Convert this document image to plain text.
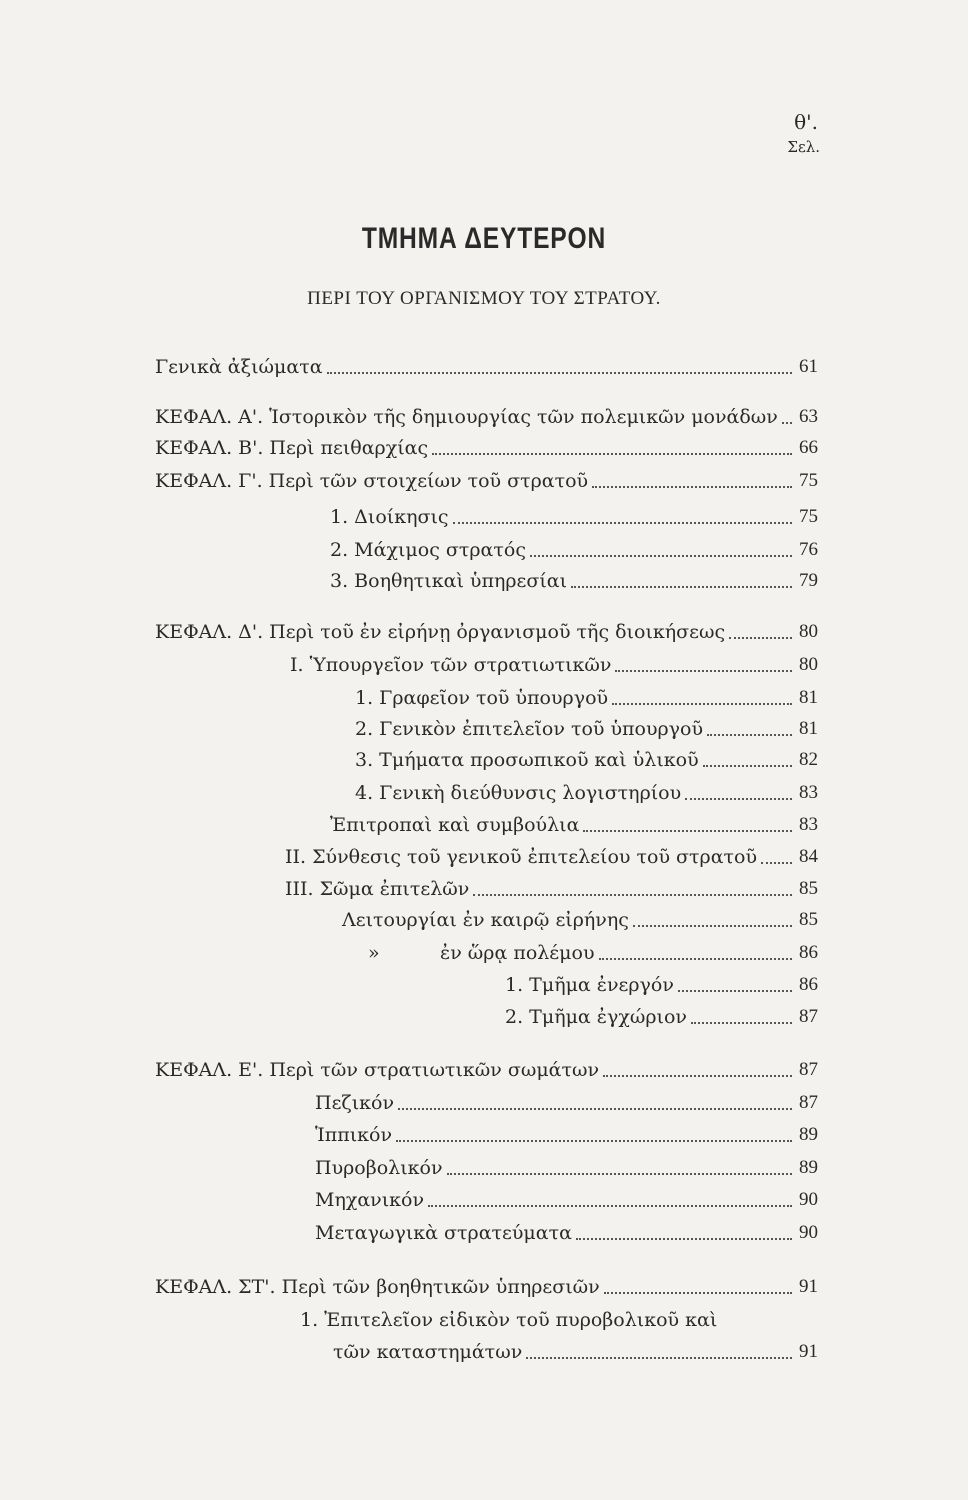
θ'.
Σελ.
ΤΜΗΜΑ ΔΕΥΤΕΡΟΝ
ΠΕΡΙ ΤΟΥ ΟΡΓΑΝΙΣΜΟΥ ΤΟΥ ΣΤΡΑΤΟΥ.
Γενικὰ ἀξιώματα	61
ΚΕΦΑΛ. Α'. Ἱστορικὸν τῆς δημιουργίας τῶν πολεμικῶν μονάδων 63
ΚΕΦΑΛ. Β'. Περὶ πειθαρχίας	66
ΚΕΦΑΛ. Γ'. Περὶ τῶν στοιχείων τοῦ στρατοῦ	75
1. Διοίκησις	75
2. Μάχιμος στρατός	76
3. Βοηθητικαὶ ὑπηρεσίαι	79
ΚΕΦΑΛ. Δ'. Περὶ τοῦ ἐν εἰρήνῃ ὀργανισμοῦ τῆς διοικήσεως	80
Ι. Ὑπουργεῖον τῶν στρατιωτικῶν	80
1. Γραφεῖον τοῦ ὑπουργοῦ	81
2. Γενικὸν ἐπιτελεῖον τοῦ ὑπουργοῦ	81
3. Τμήματα προσωπικοῦ καὶ ὑλικοῦ	82
4. Γενικὴ διεύθυνσις λογιστηρίου	83
Ἐπιτροπαὶ καὶ συμβούλια	83
ΙΙ. Σύνθεσις τοῦ γενικοῦ ἐπιτελείου τοῦ στρατοῦ 84
ΙΙΙ. Σῶμα ἐπιτελῶν	85
Λειτουργίαι ἐν καιρῷ εἰρήνης	85
»          ἐν ὥρᾳ πολέμου	86
1. Τμῆμα ἐνεργόν	86
2. Τμῆμα ἐγχώριον	87
ΚΕΦΑΛ. Ε'. Περὶ τῶν στρατιωτικῶν σωμάτων	87
Πεζικόν	87
Ἱππικόν	89
Πυροβολικόν	89
Μηχανικόν	90
Μεταγωγικὰ στρατεύματα	90
ΚΕΦΑΛ. ΣΤ'. Περὶ τῶν βοηθητικῶν ὑπηρεσιῶν	91
1. Ἐπιτελεῖον εἰδικὸν τοῦ πυροβολικοῦ καὶ
τῶν καταστημάτων	91
